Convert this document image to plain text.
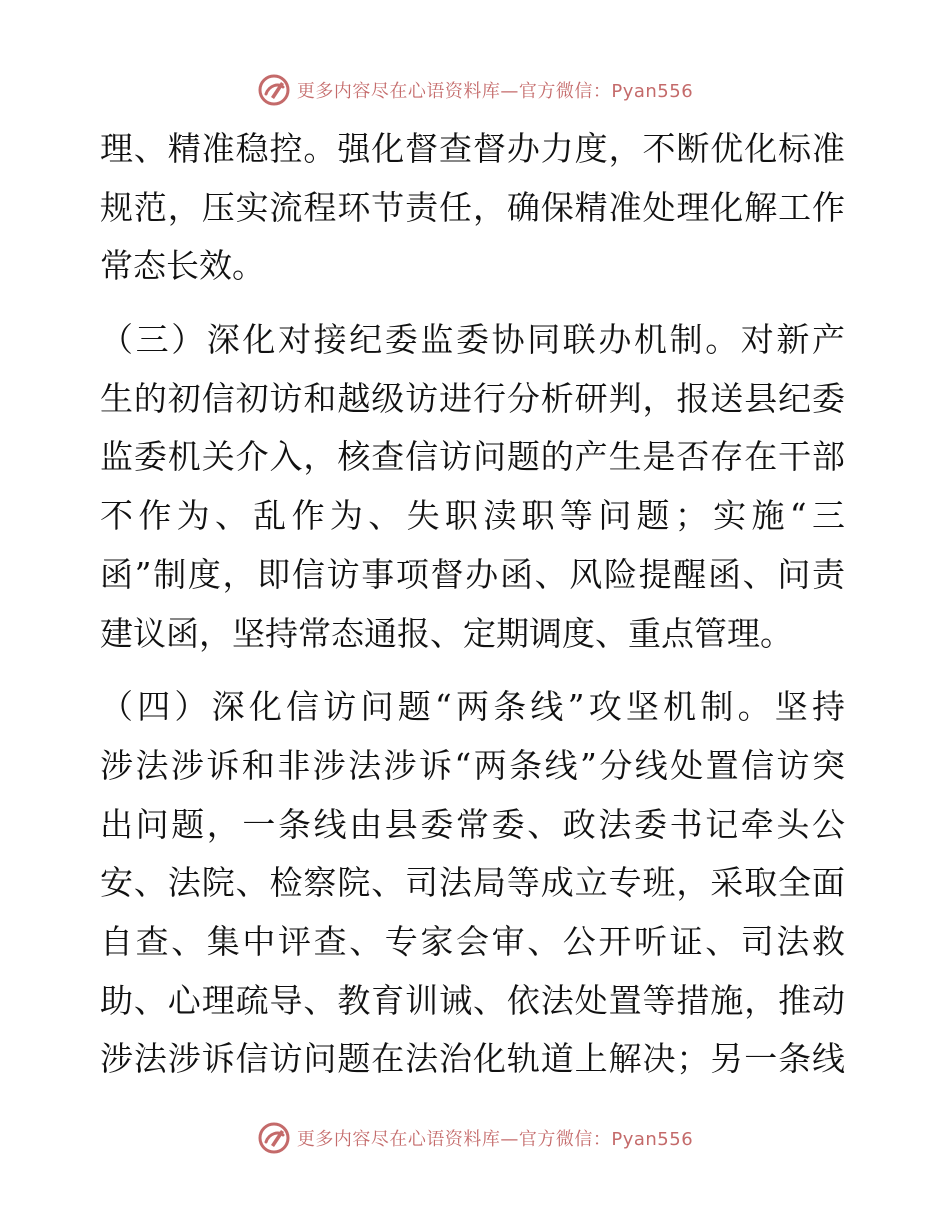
更多内容尽在心语资料库—官方微信：Pyan556
理、精准稳控。强化督查督办力度，不断优化标准
规范，压实流程环节责任，确保精准处理化解工作
常态长效。
（三）深化对接纪委监委协同联办机制。对新产
生的初信初访和越级访进行分析研判，报送县纪委
监委机关介入，核查信访问题的产生是否存在干部
不作为、乱作为、失职渎职等问题；实施“三
函”制度，即信访事项督办函、风险提醒函、问责
建议函，坚持常态通报、定期调度、重点管理。
（四）深化信访问题“两条线”攻坚机制。坚持
涉法涉诉和非涉法涉诉“两条线”分线处置信访突
出问题，一条线由县委常委、政法委书记牵头公
安、法院、检察院、司法局等成立专班，采取全面
自查、集中评查、专家会审、公开听证、司法救
助、心理疏导、教育训诫、依法处置等措施，推动
涉法涉诉信访问题在法治化轨道上解决；另一条线
更多内容尽在心语资料库—官方微信：Pyan556
